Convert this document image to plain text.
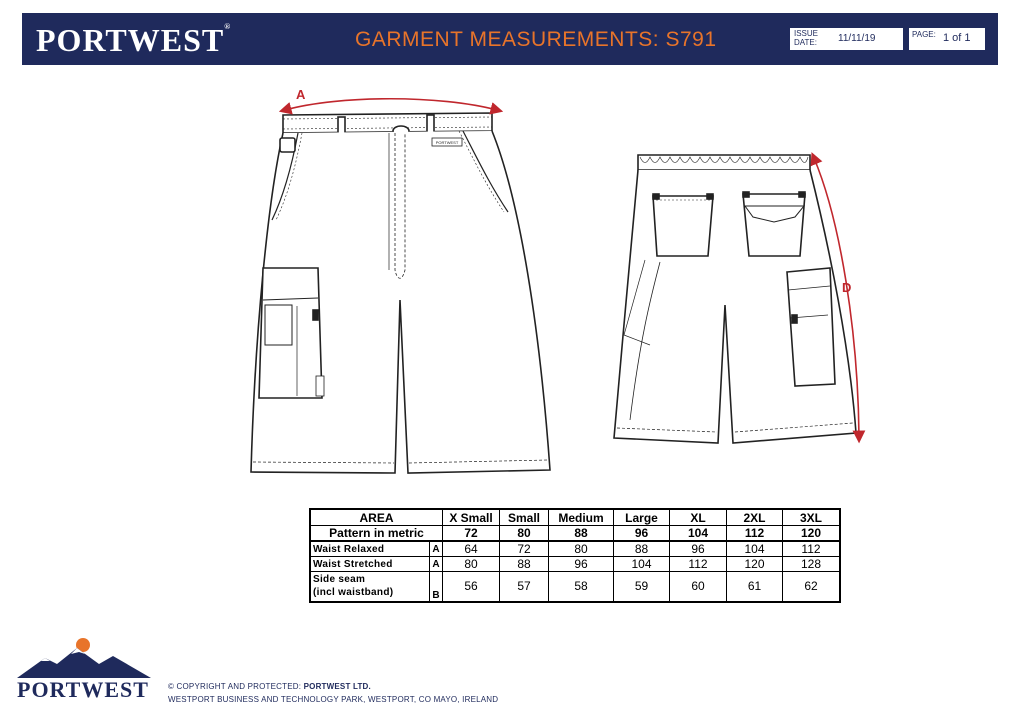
PORTWEST®
GARMENT MEASUREMENTS: S791	ISSUE
DATE: 11/11/19	PAGE: 1 of 1
PORTWEST
A
D
AREA		X Small	Small	Medium	Large	XL	2XL	3XL
Pattern in metric		72	80	88	96	104	112	120
Waist Relaxed	A	64	72	80	88	96	104	112
Waist Stretched	A	80	88	96	104	112	120	128
Side seam
(incl waistband)	B	56	57	58	59	60	61	62
PORTWEST © COPYRIGHT AND PROTECTED: PORTWEST LTD.
WESTPORT BUSINESS AND TECHNOLOGY PARK, WESTPORT, CO MAYO, IRELAND
